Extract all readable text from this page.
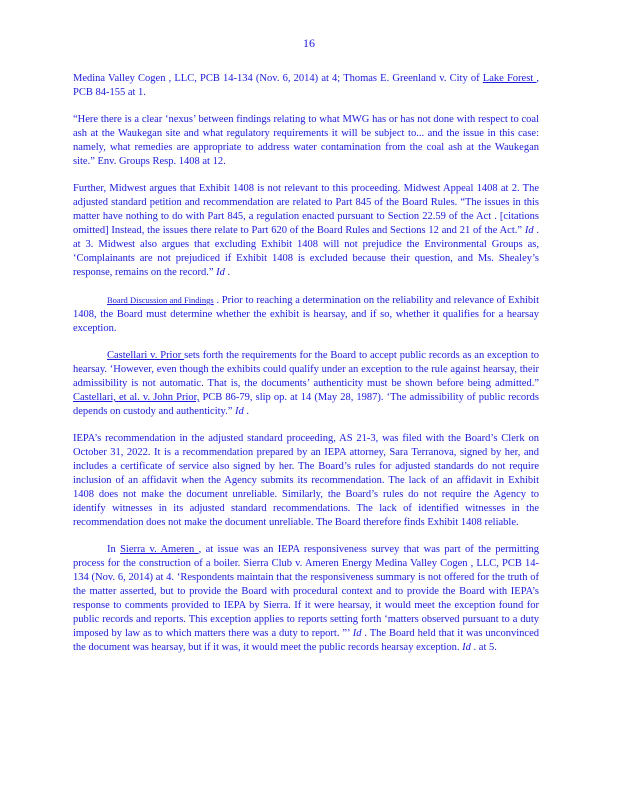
16

Medina Valley Cogen , LLC, PCB 14-134 (Nov. 6, 2014) at 4; Thomas E. Greenland v. City of Lake Forest , PCB 84-155 at 1.

“Here there is a clear ‘nexus’ between findings relating to what MWG has or has not done with respect to coal ash at the Waukegan site and what regulatory requirements it will be subject to... and the issue in this case: namely, what remedies are appropriate to address water contamination from the coal ash at the Waukegan site.” Env. Groups Resp. 1408 at 12.

Further, Midwest argues that Exhibit 1408 is not relevant to this proceeding. Midwest Appeal 1408 at 2. The adjusted standard petition and recommendation are related to Part 845 of the Board Rules. “The issues in this matter have nothing to do with Part 845, a regulation enacted pursuant to Section 22.59 of the Act . [citations omitted] Instead, the issues there relate to Part 620 of the Board Rules and Sections 12 and 21 of the Act.” Id . at 3. Midwest also argues that excluding Exhibit 1408 will not prejudice the Environmental Groups as, ‘Complainants are not prejudiced if Exhibit 1408 is excluded because their question, and Ms. Shealey’s response, remains on the record.” Id .

Board Discussion and Findings . Prior to reaching a determination on the reliability and relevance of Exhibit 1408, the Board must determine whether the exhibit is hearsay, and if so, whether it qualifies for a hearsay exception.

Castellari v. Prior sets forth the requirements for the Board to accept public records as an exception to hearsay. ‘However, even though the exhibits could qualify under an exception to the rule against hearsay, their admissibility is not automatic. That is, the documents’ authenticity must be shown before being admitted.” Castellari, et al. v. John Prior, PCB 86-79, slip op. at 14 (May 28, 1987). ‘The admissibility of public records depends on custody and authenticity.” Id .

IEPA’s recommendation in the adjusted standard proceeding, AS 21-3, was filed with the Board’s Clerk on October 31, 2022. It is a recommendation prepared by an IEPA attorney, Sara Terranova, signed by her, and includes a certificate of service also signed by her. The Board’s rules for adjusted standards do not require inclusion of an affidavit when the Agency submits its recommendation. The lack of an affidavit in Exhibit 1408 does not make the document unreliable. Similarly, the Board’s rules do not require the Agency to identify witnesses in its adjusted standard recommendations. The lack of identified witnesses in the recommendation does not make the document unreliable. The Board therefore finds Exhibit 1408 reliable.

In Sierra v. Ameren , at issue was an IEPA responsiveness survey that was part of the permitting process for the construction of a boiler. Sierra Club v. Ameren Energy Medina Valley Cogen , LLC, PCB 14-134 (Nov. 6, 2014) at 4. ‘Respondents maintain that the responsiveness summary is not offered for the truth of the matter asserted, but to provide the Board with procedural context and to provide the Board with IEPA’s response to comments provided to IEPA by Sierra. If it were hearsay, it would meet the exception found for public records and reports. This exception applies to reports setting forth ‘matters observed pursuant to a duty imposed by law as to which matters there was a duty to report. ”’ Id . The Board held that it was unconvinced the document was hearsay, but if it was, it would meet the public records hearsay exception. Id . at 5.
